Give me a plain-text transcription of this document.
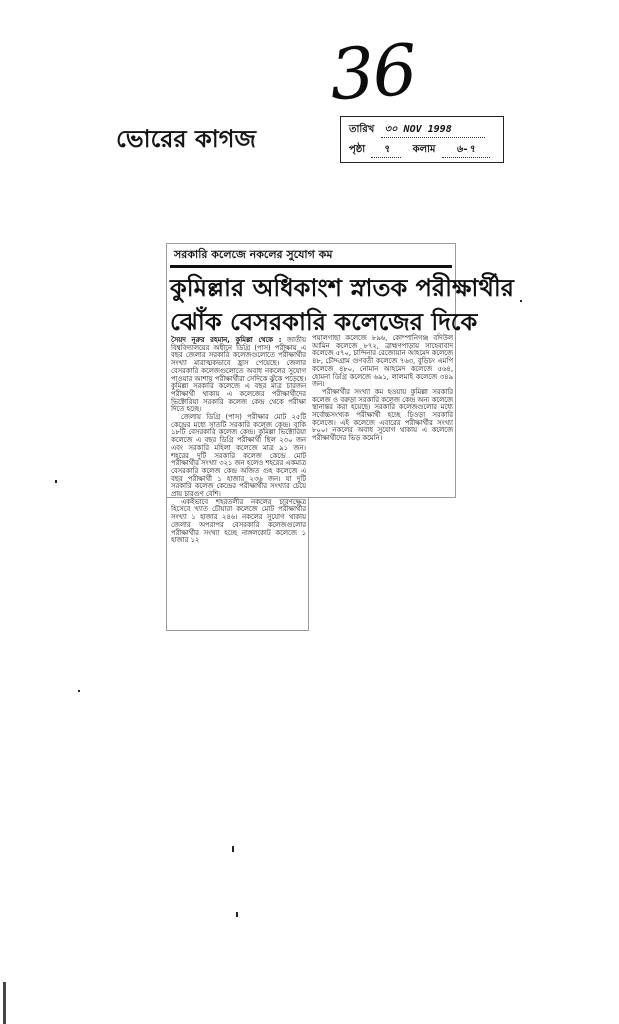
36
ভোরের কাগজ	তারিখ ৩০ NOV 1998
পৃষ্ঠা ৭ কলাম ৬-৭
সরকারি কলেজে নকলের সুযোগ কম
কুমিল্লার অধিকাংশ স্নাতক পরীক্ষার্থীর
ঝোঁক বেসরকারি কলেজের দিকে

সৈয়দ নূরুর রহমান, কুমিল্লা থেকে : জাতীয় বিশ্ববিদ্যালয়ের অধীনে ডিগ্রি (পাস) পরীক্ষায় এ বছর জেলার সরকারি কলেজগুলোতে পরীক্ষার্থীর সংখ্যা মারাত্মকভাবে হ্রাস পেয়েছে। জেলার বেসরকারি কলেজগুলোতে অবাধ নকলের সুযোগ পাওয়ার আশায় পরীক্ষার্থীরা সেদিকে ঝুঁকে পড়েছে। কুমিল্লা সরকারি কলেজে এ বছর মাত্র চারজন পরীক্ষার্থী থাকায় এ কলেজের পরীক্ষার্থীদের ভিক্টোরিয়া সরকারি কলেজ কেন্দ্র থেকে পরীক্ষা দিতে হচ্ছে।

জেলায় ডিগ্রি (পাস) পরীক্ষার মোট ২৫টি কেন্দ্রের মধ্যে সাতটি সরকারি কলেজ কেন্দ্র। বাকি ১৮টি বেসরকারি কলেজ কেন্দ্র। কুমিল্লা ভিক্টোরিয়া কলেজে এ বছর ডিগ্রি পরীক্ষার্থী ছিল ২৩০ জন এবং সরকারি মহিলা কলেজে মাত্র ৯১ জন। শহরের দুটি সরকারি কলেজ কেন্দ্রে মোট পরীক্ষার্থীর সংখ্যা ৩২১ জন হলেও শহরের একমাত্র বেসরকারি কলেজ কেন্দ্র অজিত গুহ কলেজে এ বছর পরীক্ষার্থী ১ হাজার ২৩৬ জন। যা দুটি সরকারি কলেজ কেন্দ্রের পরীক্ষার্থীর সংখ্যার চেয়ে প্রায় চারগুণ বেশি।

একইভাবে শহরতলীর নকলের চারণক্ষেত্র হিসেবে খ্যাত চৌয়ারা কলেজে মোট পরীক্ষার্থীর সংখ্যা ১ হাজার ২৪৬। নকলের সুযোগ থাকায় জেলার অপরাপর বেসরকারি কলেজগুলোর পরীক্ষার্থীর সংখ্যা হচ্ছে নাঙ্গলকোট কলেজে ১ হাজার ১২

পয়ালগাছা কলেজে ৮৯৬, কোম্পানিগঞ্জ বদিউল আমিন কলেজে ৮৭২, ব্রাহ্মণপাড়ায় সাহেবাবাদ কলেজে ৫৭০, চান্দিনার রেজোয়ান আহমেদ কলেজে ৪৮, চৌদ্দগ্রাম গুণবতী কলেজে ৭৬৩, বুড়িচং এমপি কলেজে ৪৮০, নোমান আহমেদ কলেজে ৫৬৪, হোমনা ডিগ্রি কলেজে ৬৯১, লালমাই কলেজে ৩৪৯ জন।

পরীক্ষার্থীর সংখ্যা কম হওয়ায় কুমিল্লা সরকারি কলেজ ও বরুড়া সরকারি কলেজ কেন্দ্র অন্য কলেজে স্থানান্তর করা হয়েছে। সরকারি কলেজগুলোর মধ্যে সর্বোচ্চসংখ্যক পরীক্ষার্থী হচ্ছে চিওড়া সরকারি কলেজে। এই কলেজে এবারের পরীক্ষার্থীর সংখ্যা ৮০০। নকলের অবাধ সুযোগ থাকায় এ কলেজে পরীক্ষার্থীদের ভিড় কমেনি।
